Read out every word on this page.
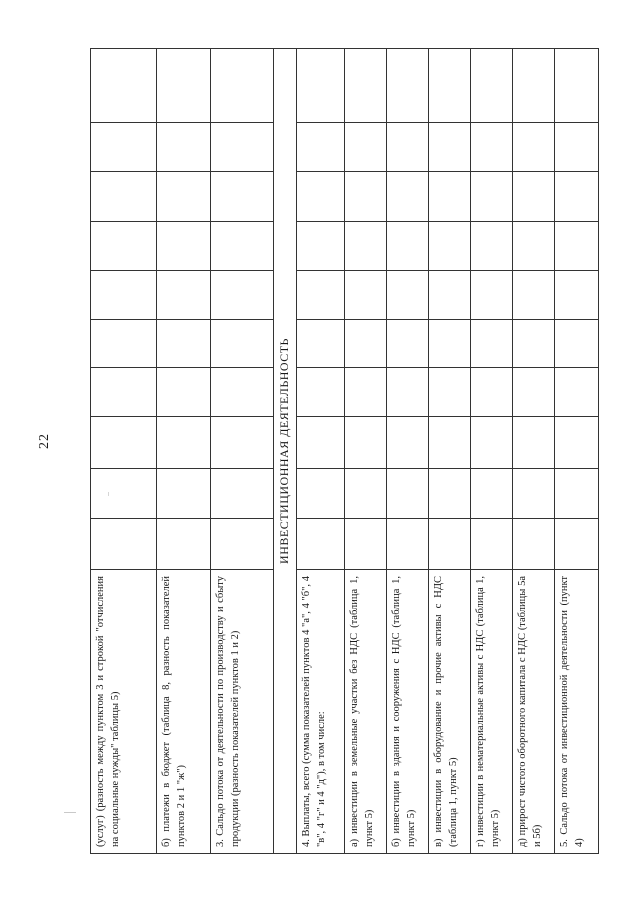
22
(услуг) (разность между пунктом 3 и строкой "отчисления на социальные нужды" таблицы 5)										
б) платежи в бюджет (таблица 8, разность показателей пунктов 2 и 1 "ж")										
3. Сальдо потока от деятельности по производству и сбыту продукции (разность показателей пунктов 1 и 2)										
ИНВЕСТИЦИОННАЯ ДЕЯТЕЛЬНОСТЬ										
4. Выплаты, всего (сумма показателей пунктов 4 "а", 4 "б", 4 "в", 4 "г" и 4 "д"), в том числе:										
а) инвестиции в земельные участки без НДС (таблица 1, пункт 5)										
б) инвестиции в здания и сооружения с НДС (таблица 1, пункт 5)										
в) инвестиции в оборудование и прочие активы с НДС (таблица 1, пункт 5)										
г) инвестиции в нематериальные активы с НДС (таблица 1, пункт 5)										
д) прирост чистого оборотного капитала с НДС (таблицы 5а и 5б)										
5. Сальдо потока от инвестиционной деятельности (пункт 4)										
